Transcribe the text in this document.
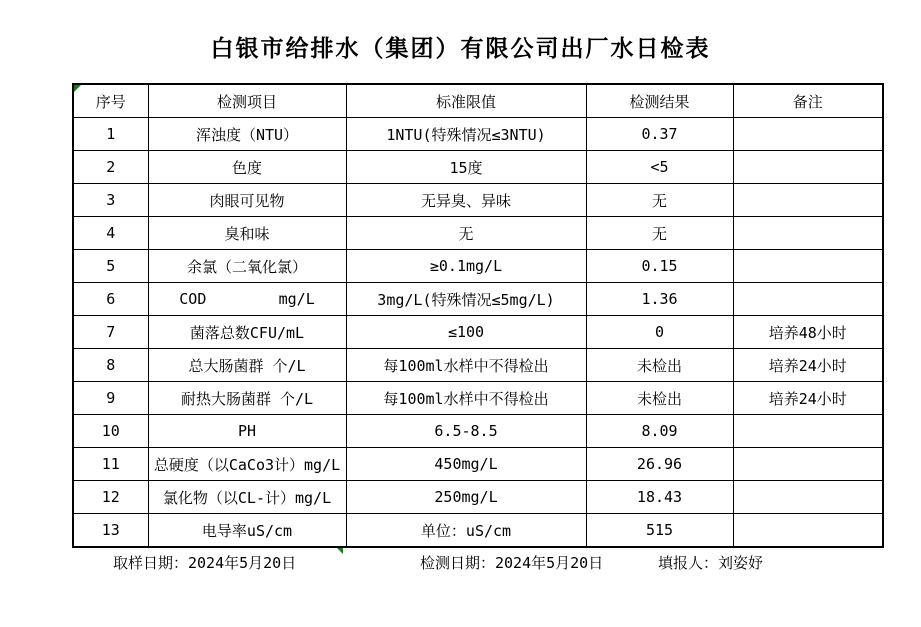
白银市给排水（集团）有限公司出厂水日检表
序号	检测项目	标准限值	检测结果	备注
1	浑浊度（NTU）	1NTU(特殊情况≤3NTU)	0.37	
2	色度	15度	<5	
3	肉眼可见物	无异臭、异味	无	
4	臭和味	无	无	
5	余氯（二氧化氯）	≥0.1mg/L	0.15	
6	COD        mg/L	3mg/L(特殊情况≤5mg/L)	1.36	
7	菌落总数CFU/mL	≤100	0	培养48小时
8	总大肠菌群 个/L	每100ml水样中不得检出	未检出	培养24小时
9	耐热大肠菌群 个/L	每100ml水样中不得检出	未检出	培养24小时
10	PH	6.5-8.5	8.09	
11	总硬度（以CaCo3计）mg/L	450mg/L	26.96	
12	氯化物（以CL-计）mg/L	250mg/L	18.43	
13	电导率uS/cm	单位：uS/cm	515	
取样日期：2024年5月20日	检测日期：2024年5月20日	填报人：刘姿妤
